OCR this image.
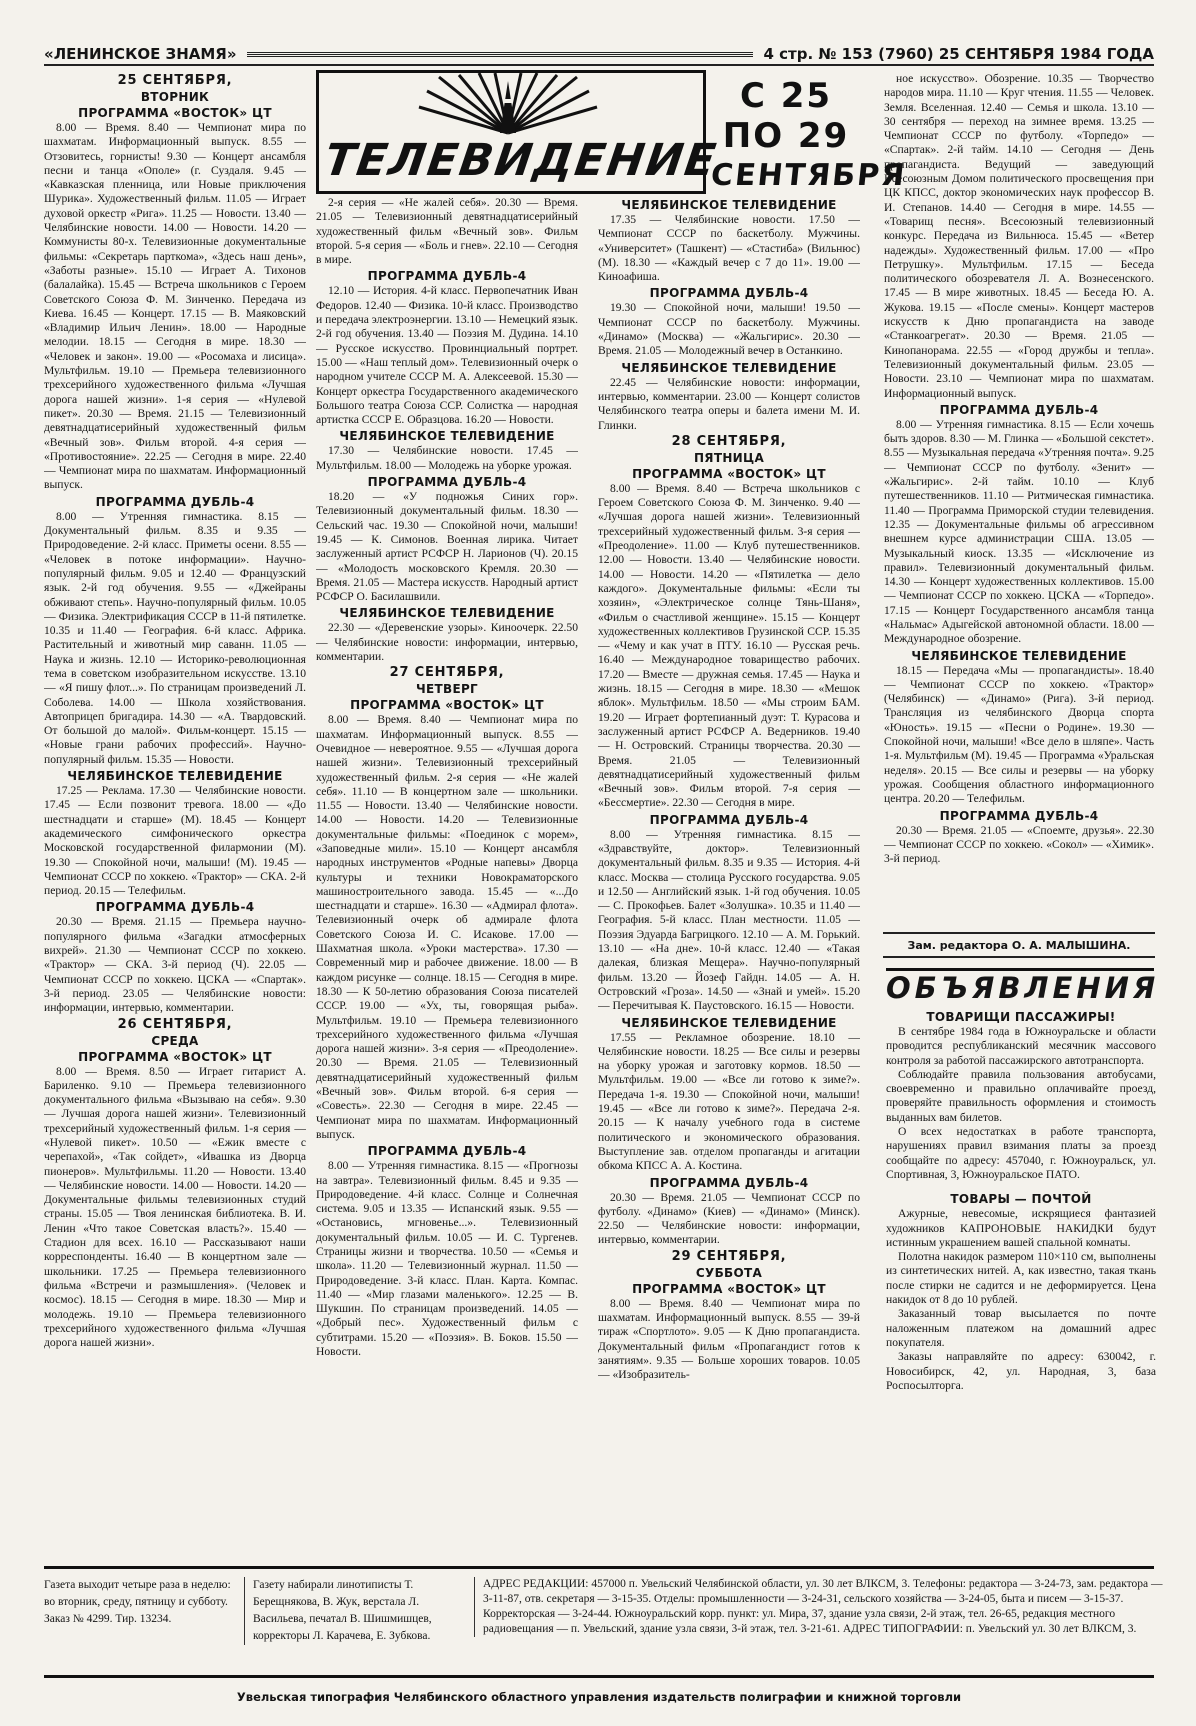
«ЛЕНИНСКОЕ ЗНАМЯ»	4 стр. № 153 (7960) 25 СЕНТЯБРЯ 1984 ГОДА
ТЕЛЕВИДЕНИЕ
С 25 ПО 29
СЕНТЯБРЯ
25 СЕНТЯБРЯ,
ВТОРНИК
ПРОГРАММА «ВОСТОК» ЦТ

8.00 — Время. 8.40 — Чемпионат мира по шахматам. Информационный выпуск. 8.55 — Отзовитесь, горнисты! 9.30 — Концерт ансамбля песни и танца «Ополе» (г. Суздаля. 9.45 — «Кавказская пленница, или Новые приключения Шурика». Художественный фильм. 11.05 — Играет духовой оркестр «Рига». 11.25 — Новости. 13.40 — Челябинские новости. 14.00 — Новости. 14.20 — Коммунисты 80-х. Телевизионные документальные фильмы: «Секретарь парткома», «Здесь наш день», «Заботы разные». 15.10 — Играет А. Тихонов (балалайка). 15.45 — Встреча школьников с Героем Советского Союза Ф. М. Зинченко. Передача из Киева. 16.45 — Концерт. 17.15 — В. Маяковский «Владимир Ильич Ленин». 18.00 — Народные мелодии. 18.15 — Сегодня в мире. 18.30 — «Человек и закон». 19.00 — «Росомаха и лисица». Мультфильм. 19.10 — Премьера телевизионного трехсерийного художественного фильма «Лучшая дорога нашей жизни». 1-я серия — «Нулевой пикет». 20.30 — Время. 21.15 — Телевизионный девятнадцатисерийный художественный фильм «Вечный зов». Фильм второй. 4-я серия — «Противостояние». 22.25 — Сегодня в мире. 22.40 — Чемпионат мира по шахматам. Информационный выпуск.

ПРОГРАММА ДУБЛЬ-4

8.00 — Утренняя гимнастика. 8.15 — Документальный фильм. 8.35 и 9.35 — Природоведение. 2-й класс. Приметы осени. 8.55 — «Человек в потоке информации». Научно-популярный фильм. 9.05 и 12.40 — Французский язык. 2-й год обучения. 9.55 — «Джейраны обживают степь». Научно-популярный фильм. 10.05 — Физика. Электрификация СССР в 11-й пятилетке. 10.35 и 11.40 — География. 6-й класс. Африка. Растительный и животный мир саванн. 11.05 — Наука и жизнь. 12.10 — Историко-революционная тема в советском изобразительном искусстве. 13.10 — «Я пишу флот...». По страницам произведений Л. Соболева. 14.00 — Школа хозяйствования. Автоприцеп бригадира. 14.30 — «А. Твардовский. От большой до малой». Фильм-концерт. 15.15 — «Новые грани рабочих профессий». Научно-популярный фильм. 15.35 — Новости.

ЧЕЛЯБИНСКОЕ ТЕЛЕВИДЕНИЕ

17.25 — Реклама. 17.30 — Челябинские новости. 17.45 — Если позвонит тревога. 18.00 — «До шестнадцати и старше» (М). 18.45 — Концерт академического симфонического оркестра Московской государственной филармонии (М). 19.30 — Спокойной ночи, малыши! (М). 19.45 — Чемпионат СССР по хоккею. «Трактор» — СКА. 2-й период. 20.15 — Телефильм.

ПРОГРАММА ДУБЛЬ-4

20.30 — Время. 21.15 — Премьера научно-популярного фильма «Загадки атмосферных вихрей». 21.30 — Чемпионат СССР по хоккею. «Трактор» — СКА. 3-й период (Ч). 22.05 — Чемпионат СССР по хоккею. ЦСКА — «Спартак». 3-й период. 23.05 — Челябинские новости: информации, интервью, комментарии.

26 СЕНТЯБРЯ,
СРЕДА
ПРОГРАММА «ВОСТОК» ЦТ

8.00 — Время. 8.50 — Играет гитарист А. Бариленко. 9.10 — Премьера телевизионного документального фильма «Вызываю на себя». 9.30 — Лучшая дорога нашей жизни». Телевизионный трехсерийный художественный фильм. 1-я серия — «Нулевой пикет». 10.50 — «Ежик вместе с черепахой», «Так сойдет», «Ивашка из Дворца пионеров». Мультфильмы. 11.20 — Новости. 13.40 — Челябинские новости. 14.00 — Новости. 14.20 — Документальные фильмы телевизионных студий страны. 15.05 — Твоя ленинская библиотека. В. И. Ленин «Что такое Советская власть?». 15.40 — Стадион для всех. 16.10 — Рассказывают наши корреспонденты. 16.40 — В концертном зале — школьники. 17.25 — Премьера телевизионного фильма «Встречи и размышления». (Человек и космос). 18.15 — Сегодня в мире. 18.30 — Мир и молодежь. 19.10 — Премьера телевизионного трехсерийного художественного фильма «Лучшая дорога нашей жизни».

2-я серия — «Не жалей себя». 20.30 — Время. 21.05 — Телевизионный девятнадцатисерийный художественный фильм «Вечный зов». Фильм второй. 5-я серия — «Боль и гнев». 22.10 — Сегодня в мире.

ПРОГРАММА ДУБЛЬ-4

12.10 — История. 4-й класс. Первопечатник Иван Федоров. 12.40 — Физика. 10-й класс. Производство и передача электроэнергии. 13.10 — Немецкий язык. 2-й год обучения. 13.40 — Поэзия М. Дудина. 14.10 — Русское искусство. Провинциальный портрет. 15.00 — «Наш теплый дом». Телевизионный очерк о народном учителе СССР М. А. Алексеевой. 15.30 — Концерт оркестра Государственного академического Большого театра Союза ССР. Солистка — народная артистка СССР Е. Образцова. 16.20 — Новости.

ЧЕЛЯБИНСКОЕ ТЕЛЕВИДЕНИЕ

17.30 — Челябинские новости. 17.45 — Мультфильм. 18.00 — Молодежь на уборке урожая.

ПРОГРАММА ДУБЛЬ-4

18.20 — «У подножья Синих гор». Телевизионный документальный фильм. 18.30 — Сельский час. 19.30 — Спокойной ночи, малыши! 19.45 — К. Симонов. Военная лирика. Читает заслуженный артист РСФСР Н. Ларионов (Ч). 20.15 — «Молодость московского Кремля. 20.30 — Время. 21.05 — Мастера искусств. Народный артист РСФСР О. Басилашвили.

ЧЕЛЯБИНСКОЕ ТЕЛЕВИДЕНИЕ

22.30 — «Деревенские узоры». Киноочерк. 22.50 — Челябинские новости: информации, интервью, комментарии.

27 СЕНТЯБРЯ,
ЧЕТВЕРГ
ПРОГРАММА «ВОСТОК» ЦТ

8.00 — Время. 8.40 — Чемпионат мира по шахматам. Информационный выпуск. 8.55 — Очевидное — невероятное. 9.55 — «Лучшая дорога нашей жизни». Телевизионный трехсерийный художественный фильм. 2-я серия — «Не жалей себя». 11.10 — В концертном зале — школьники. 11.55 — Новости. 13.40 — Челябинские новости. 14.00 — Новости. 14.20 — Телевизионные документальные фильмы: «Поединок с морем», «Заповедные мили». 15.10 — Концерт ансамбля народных инструментов «Родные напевы» Дворца культуры и техники Новокраматорского машиностроительного завода. 15.45 — «...До шестнадцати и старше». 16.30 — «Адмирал флота». Телевизионный очерк об адмирале флота Советского Союза И. С. Исакове. 17.00 — Шахматная школа. «Уроки мастерства». 17.30 — Современный мир и рабочее движение. 18.00 — В каждом рисунке — солнце. 18.15 — Сегодня в мире. 18.30 — К 50-летию образования Союза писателей СССР. 19.00 — «Ух, ты, говорящая рыба». Мультфильм. 19.10 — Премьера телевизионного трехсерийного художественного фильма «Лучшая дорога нашей жизни». 3-я серия — «Преодоление». 20.30 — Время. 21.05 — Телевизионный девятнадцатисерийный художественный фильм «Вечный зов». Фильм второй. 6-я серия — «Совесть». 22.30 — Сегодня в мире. 22.45 — Чемпионат мира по шахматам. Информационный выпуск.

ПРОГРАММА ДУБЛЬ-4

8.00 — Утренняя гимнастика. 8.15 — «Прогнозы на завтра». Телевизионный фильм. 8.45 и 9.35 — Природоведение. 4-й класс. Солнце и Солнечная система. 9.05 и 13.35 — Испанский язык. 9.55 — «Остановись, мгновенье...». Телевизионный документальный фильм. 10.05 — И. С. Тургенев. Страницы жизни и творчества. 10.50 — «Семья и школа». 11.20 — Телевизионный журнал. 11.50 — Природоведение. 3-й класс. План. Карта. Компас. 11.40 — «Мир глазами маленького». 12.25 — В. Шукшин. По страницам произведений. 14.05 — «Добрый пес». Художественный фильм с субтитрами. 15.20 — «Поэзия». В. Боков. 15.50 — Новости.

ЧЕЛЯБИНСКОЕ ТЕЛЕВИДЕНИЕ

17.35 — Челябинские новости. 17.50 — Чемпионат СССР по баскетболу. Мужчины. «Университет» (Ташкент) — «Стастиба» (Вильнюс) (М). 18.30 — «Каждый вечер с 7 до 11». 19.00 — Киноафиша.

ПРОГРАММА ДУБЛЬ-4

19.30 — Спокойной ночи, малыши! 19.50 — Чемпионат СССР по баскетболу. Мужчины. «Динамо» (Москва) — «Жальгирис». 20.30 — Время. 21.05 — Молодежный вечер в Останкино.

ЧЕЛЯБИНСКОЕ ТЕЛЕВИДЕНИЕ

22.45 — Челябинские новости: информации, интервью, комментарии. 23.00 — Концерт солистов Челябинского театра оперы и балета имени М. И. Глинки.

28 СЕНТЯБРЯ,
ПЯТНИЦА
ПРОГРАММА «ВОСТОК» ЦТ

8.00 — Время. 8.40 — Встреча школьников с Героем Советского Союза Ф. М. Зинченко. 9.40 — «Лучшая дорога нашей жизни». Телевизионный трехсерийный художественный фильм. 3-я серия — «Преодоление». 11.00 — Клуб путешественников. 12.00 — Новости. 13.40 — Челябинские новости. 14.00 — Новости. 14.20 — «Пятилетка — дело каждого». Документальные фильмы: «Если ты хозяин», «Электрическое солнце Тянь-Шаня», «Фильм о счастливой женщине». 15.15 — Концерт художественных коллективов Грузинской ССР. 15.35 — «Чему и как учат в ПТУ. 16.10 — Русская речь. 16.40 — Международное товарищество рабочих. 17.20 — Вместе — дружная семья. 17.45 — Наука и жизнь. 18.15 — Сегодня в мире. 18.30 — «Мешок яблок». Мультфильм. 18.50 — «Мы строим БАМ. 19.20 — Играет фортепианный дуэт: Т. Курасова и заслуженный артист РСФСР А. Ведерников. 19.40 — Н. Островский. Страницы творчества. 20.30 — Время. 21.05 — Телевизионный девятнадцатисерийный художественный фильм «Вечный зов». Фильм второй. 7-я серия — «Бессмертие». 22.30 — Сегодня в мире.

ПРОГРАММА ДУБЛЬ-4

8.00 — Утренняя гимнастика. 8.15 — «Здравствуйте, доктор». Телевизионный документальный фильм. 8.35 и 9.35 — История. 4-й класс. Москва — столица Русского государства. 9.05 и 12.50 — Английский язык. 1-й год обучения. 10.05 — С. Прокофьев. Балет «Золушка». 10.35 и 11.40 — География. 5-й класс. План местности. 11.05 — Поэзия Эдуарда Багрицкого. 12.10 — А. М. Горький. 13.10 — «На дне». 10-й класс. 12.40 — «Такая далекая, близкая Мещера». Научно-популярный фильм. 13.20 — Йозеф Гайдн. 14.05 — А. Н. Островский «Гроза». 14.50 — «Знай и умей». 15.20 — Перечитывая К. Паустовского. 16.15 — Новости.

ЧЕЛЯБИНСКОЕ ТЕЛЕВИДЕНИЕ

17.55 — Рекламное обозрение. 18.10 — Челябинские новости. 18.25 — Все силы и резервы на уборку урожая и заготовку кормов. 18.50 — Мультфильм. 19.00 — «Все ли готово к зиме?». Передача 1-я. 19.30 — Спокойной ночи, малыши! 19.45 — «Все ли готово к зиме?». Передача 2-я. 20.15 — К началу учебного года в системе политического и экономического образования. Выступление зав. отделом пропаганды и агитации обкома КПСС А. А. Костина.

ПРОГРАММА ДУБЛЬ-4

20.30 — Время. 21.05 — Чемпионат СССР по футболу. «Динамо» (Киев) — «Динамо» (Минск). 22.50 — Челябинские новости: информации, интервью, комментарии.

29 СЕНТЯБРЯ,
СУББОТА
ПРОГРАММА «ВОСТОК» ЦТ

8.00 — Время. 8.40 — Чемпионат мира по шахматам. Информационный выпуск. 8.55 — 39-й тираж «Спортлото». 9.05 — К Дню пропагандиста. Документальный фильм «Пропагандист готов к занятиям». 9.35 — Больше хороших товаров. 10.05 — «Изобразитель-

ное искусство». Обозрение. 10.35 — Творчество народов мира. 11.10 — Круг чтения. 11.55 — Человек. Земля. Вселенная. 12.40 — Семья и школа. 13.10 — 30 сентября — переход на зимнее время. 13.25 — Чемпионат СССР по футболу. «Торпедо» — «Спартак». 2-й тайм. 14.10 — Сегодня — День пропагандиста. Ведущий — заведующий Всесоюзным Домом политического просвещения при ЦК КПСС, доктор экономических наук профессор В. И. Степанов. 14.40 — Сегодня в мире. 14.55 — «Товарищ песня». Всесоюзный телевизионный конкурс. Передача из Вильнюса. 15.45 — «Ветер надежды». Художественный фильм. 17.00 — «Про Петрушку». Мультфильм. 17.15 — Беседа политического обозревателя Л. А. Вознесенского. 17.45 — В мире животных. 18.45 — Беседа Ю. А. Жукова. 19.15 — «После смены». Концерт мастеров искусств к Дню пропагандиста на заводе «Станкоагрегат». 20.30 — Время. 21.05 — Кинопанорама. 22.55 — «Город дружбы и тепла». Телевизионный документальный фильм. 23.05 — Новости. 23.10 — Чемпионат мира по шахматам. Информационный выпуск.

ПРОГРАММА ДУБЛЬ-4

8.00 — Утренняя гимнастика. 8.15 — Если хочешь быть здоров. 8.30 — М. Глинка — «Большой секстет». 8.55 — Музыкальная передача «Утренняя почта». 9.25 — Чемпионат СССР по футболу. «Зенит» — «Жальгирис». 2-й тайм. 10.10 — Клуб путешественников. 11.10 — Ритмическая гимнастика. 11.40 — Программа Приморской студии телевидения. 12.35 — Документальные фильмы об агрессивном внешнем курсе администрации США. 13.05 — Музыкальный киоск. 13.35 — «Исключение из правил». Телевизионный документальный фильм. 14.30 — Концерт художественных коллективов. 15.00 — Чемпионат СССР по хоккею. ЦСКА — «Торпедо». 17.15 — Концерт Государственного ансамбля танца «Нальмас» Адыгейской автономной области. 18.00 — Международное обозрение.

ЧЕЛЯБИНСКОЕ ТЕЛЕВИДЕНИЕ

18.15 — Передача «Мы — пропагандисты». 18.40 — Чемпионат СССР по хоккею. «Трактор» (Челябинск) — «Динамо» (Рига). 3-й период. Трансляция из челябинского Дворца спорта «Юность». 19.15 — «Песни о Родине». 19.30 — Спокойной ночи, малыши! «Все дело в шляпе». Часть 1-я. Мультфильм (М). 19.45 — Программа «Уральская неделя». 20.15 — Все силы и резервы — на уборку урожая. Сообщения областного информационного центра. 20.20 — Телефильм.

ПРОГРАММА ДУБЛЬ-4

20.30 — Время. 21.05 — «Споемте, друзья». 22.30 — Чемпионат СССР по хоккею. «Сокол» — «Химик». 3-й период.

Зам. редактора О. А. МАЛЫШИНА.
ОБЪЯВЛЕНИЯ
ТОВАРИЩИ ПАССАЖИРЫ!

В сентябре 1984 года в Южноуральске и области проводится республиканский месячник массового контроля за работой пассажирского автотранспорта.

Соблюдайте правила пользования автобусами, своевременно и правильно оплачивайте проезд, проверяйте правильность оформления и стоимость выданных вам билетов.

О всех недостатках в работе транспорта, нарушениях правил взимания платы за проезд сообщайте по адресу: 457040, г. Южноуральск, ул. Спортивная, 3, Южноуральское ПАТО.

ТОВАРЫ — ПОЧТОЙ

Ажурные, невесомые, искрящиеся фантазией художников КАПРОНОВЫЕ НАКИДКИ будут истинным украшением вашей спальной комнаты.

Полотна накидок размером 110×110 см, выполнены из синтетических нитей. А, как известно, такая ткань после стирки не садится и не деформируется. Цена накидок от 8 до 10 рублей.

Заказанный товар высылается по почте наложенным платежом на домашний адрес покупателя.

Заказы направляйте по адресу: 630042, г. Новосибирск, 42, ул. Народная, 3, база Роспосылторга.

Газета выходит четыре раза в неделю: во вторник, среду, пятницу и субботу. Заказ № 4299. Тир. 13234.
Газету набирали линотиписты Т. Берещнякова, В. Жук, верстала Л. Васильева, печатал В. Шишмишцев, корректоры Л. Карачева, Е. Зубкова.
АДРЕС РЕДАКЦИИ: 457000 п. Увельский Челябинской области, ул. 30 лет ВЛКСМ, 3. Телефоны: редактора — 3-24-73, зам. редактора — 3-11-87, отв. секретаря — 3-15-35. Отделы: промышленности — 3-24-31, сельского хозяйства — 3-24-05, быта и писем — 3-15-37. Корректорская — 3-24-44. Южноуральский корр. пункт: ул. Мира, 37, здание узла связи, 2-й этаж, тел. 26-65, редакция местного радиовещания — п. Увельский, здание узла связи, 3-й этаж, тел. 3-21-61. АДРЕС ТИПОГРАФИИ: п. Увельский ул. 30 лет ВЛКСМ, 3.
Увельская типография Челябинского областного управления издательств полиграфии и книжной торговли
